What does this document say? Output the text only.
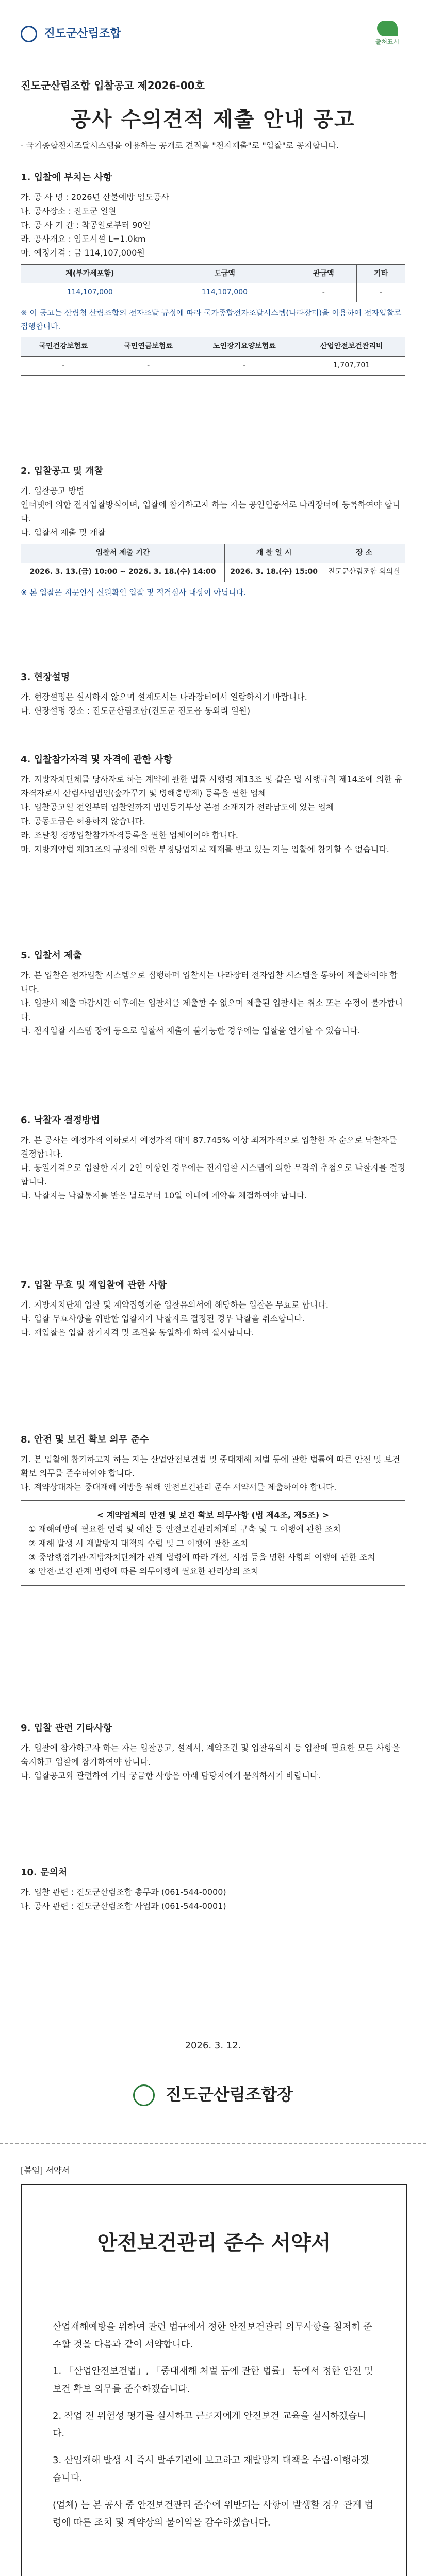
진도군산림조합
출처표시
진도군산림조합 입찰공고 제2026-00호
공사 수의견적 제출 안내 공고
- 국가종합전자조달시스템을 이용하는 공개로 견적을 "전자제출"로 "입찰"로 공지합니다.
1. 입찰에 부치는 사항

가. 공 사 명 : 2026년 산불예방 임도공사

나. 공사장소 : 진도군 일원

다. 공 사 기 간 : 착공일로부터 90일

라. 공사개요 : 임도시설 L=1.0km

마. 예정가격 : 금 114,107,000원

계(부가세포함)	도급액	관급액	기타
114,107,000	114,107,000	-	-

※ 이 공고는 산림청 산림조합의 전자조달 규정에 따라 국가종합전자조달시스템(나라장터)을 이용하여 전자입찰로 집행합니다.

국민건강보험료	국민연금보험료	노인장기요양보험료	산업안전보건관리비
-	-	-	1,707,701
2. 입찰공고 및 개찰

가. 입찰공고 방법

인터넷에 의한 전자입찰방식이며, 입찰에 참가하고자 하는 자는 공인인증서로 나라장터에 등록하여야 합니다.

나. 입찰서 제출 및 개찰

입찰서 제출 기간	개 찰 일 시	장 소
2026. 3. 13.(금) 10:00 ~ 2026. 3. 18.(수) 14:00	2026. 3. 18.(수) 15:00	진도군산림조합 회의실

※ 본 입찰은 지문인식 신원확인 입찰 및 적격심사 대상이 아닙니다.

3. 현장설명

가. 현장설명은 실시하지 않으며 설계도서는 나라장터에서 열람하시기 바랍니다.

나. 현장설명 장소 : 진도군산림조합(진도군 진도읍 동외리 일원)

4. 입찰참가자격 및 자격에 관한 사항

가. 지방자치단체를 당사자로 하는 계약에 관한 법률 시행령 제13조 및 같은 법 시행규칙 제14조에 의한 유자격자로서 산림사업법인(숲가꾸기 및 병해충방제) 등록을 필한 업체

나. 입찰공고일 전일부터 입찰일까지 법인등기부상 본점 소재지가 전라남도에 있는 업체

다. 공동도급은 허용하지 않습니다.

라. 조달청 경쟁입찰참가자격등록을 필한 업체이어야 합니다.

마. 지방계약법 제31조의 규정에 의한 부정당업자로 제재를 받고 있는 자는 입찰에 참가할 수 없습니다.

5. 입찰서 제출

가. 본 입찰은 전자입찰 시스템으로 집행하며 입찰서는 나라장터 전자입찰 시스템을 통하여 제출하여야 합니다.

나. 입찰서 제출 마감시간 이후에는 입찰서를 제출할 수 없으며 제출된 입찰서는 취소 또는 수정이 불가합니다.

다. 전자입찰 시스템 장애 등으로 입찰서 제출이 불가능한 경우에는 입찰을 연기할 수 있습니다.

6. 낙찰자 결정방법

가. 본 공사는 예정가격 이하로서 예정가격 대비 87.745% 이상 최저가격으로 입찰한 자 순으로 낙찰자를 결정합니다.

나. 동일가격으로 입찰한 자가 2인 이상인 경우에는 전자입찰 시스템에 의한 무작위 추첨으로 낙찰자를 결정합니다.

다. 낙찰자는 낙찰통지를 받은 날로부터 10일 이내에 계약을 체결하여야 합니다.

7. 입찰 무효 및 재입찰에 관한 사항

가. 지방자치단체 입찰 및 계약집행기준 입찰유의서에 해당하는 입찰은 무효로 합니다.

나. 입찰 무효사항을 위반한 입찰자가 낙찰자로 결정된 경우 낙찰을 취소합니다.

다. 재입찰은 입찰 참가자격 및 조건을 동일하게 하여 실시합니다.

8. 안전 및 보건 확보 의무 준수

가. 본 입찰에 참가하고자 하는 자는 산업안전보건법 및 중대재해 처벌 등에 관한 법률에 따른 안전 및 보건 확보 의무를 준수하여야 합니다.

나. 계약상대자는 중대재해 예방을 위해 안전보건관리 준수 서약서를 제출하여야 합니다.

< 계약업체의 안전 및 보건 확보 의무사항 (법 제4조, 제5조) >

① 재해예방에 필요한 인력 및 예산 등 안전보건관리체계의 구축 및 그 이행에 관한 조치

② 재해 발생 시 재발방지 대책의 수립 및 그 이행에 관한 조치

③ 중앙행정기관·지방자치단체가 관계 법령에 따라 개선, 시정 등을 명한 사항의 이행에 관한 조치

④ 안전·보건 관계 법령에 따른 의무이행에 필요한 관리상의 조치

9. 입찰 관련 기타사항

가. 입찰에 참가하고자 하는 자는 입찰공고, 설계서, 계약조건 및 입찰유의서 등 입찰에 필요한 모든 사항을 숙지하고 입찰에 참가하여야 합니다.

나. 입찰공고와 관련하여 기타 궁금한 사항은 아래 담당자에게 문의하시기 바랍니다.

10. 문의처

가. 입찰 관련 : 진도군산림조합 총무과 (061-544-0000)

나. 공사 관련 : 진도군산림조합 사업과 (061-544-0001)

2026. 3. 12.
진도군산림조합장
[붙임] 서약서
안전보건관리 준수 서약서

산업재해예방을 위하여 관련 법규에서 정한 안전보건관리 의무사항을 철저히 준수할 것을 다음과 같이 서약합니다.

1. 「산업안전보건법」, 「중대재해 처벌 등에 관한 법률」 등에서 정한 안전 및 보건 확보 의무를 준수하겠습니다.

2. 작업 전 위험성 평가를 실시하고 근로자에게 안전보건 교육을 실시하겠습니다.

3. 산업재해 발생 시 즉시 발주기관에 보고하고 재발방지 대책을 수립·이행하겠습니다.

(업체) 는 본 공사 중 안전보건관리 준수에 위반되는 사항이 발생할 경우 관계 법령에 따른 조치 및 계약상의 불이익을 감수하겠습니다.
